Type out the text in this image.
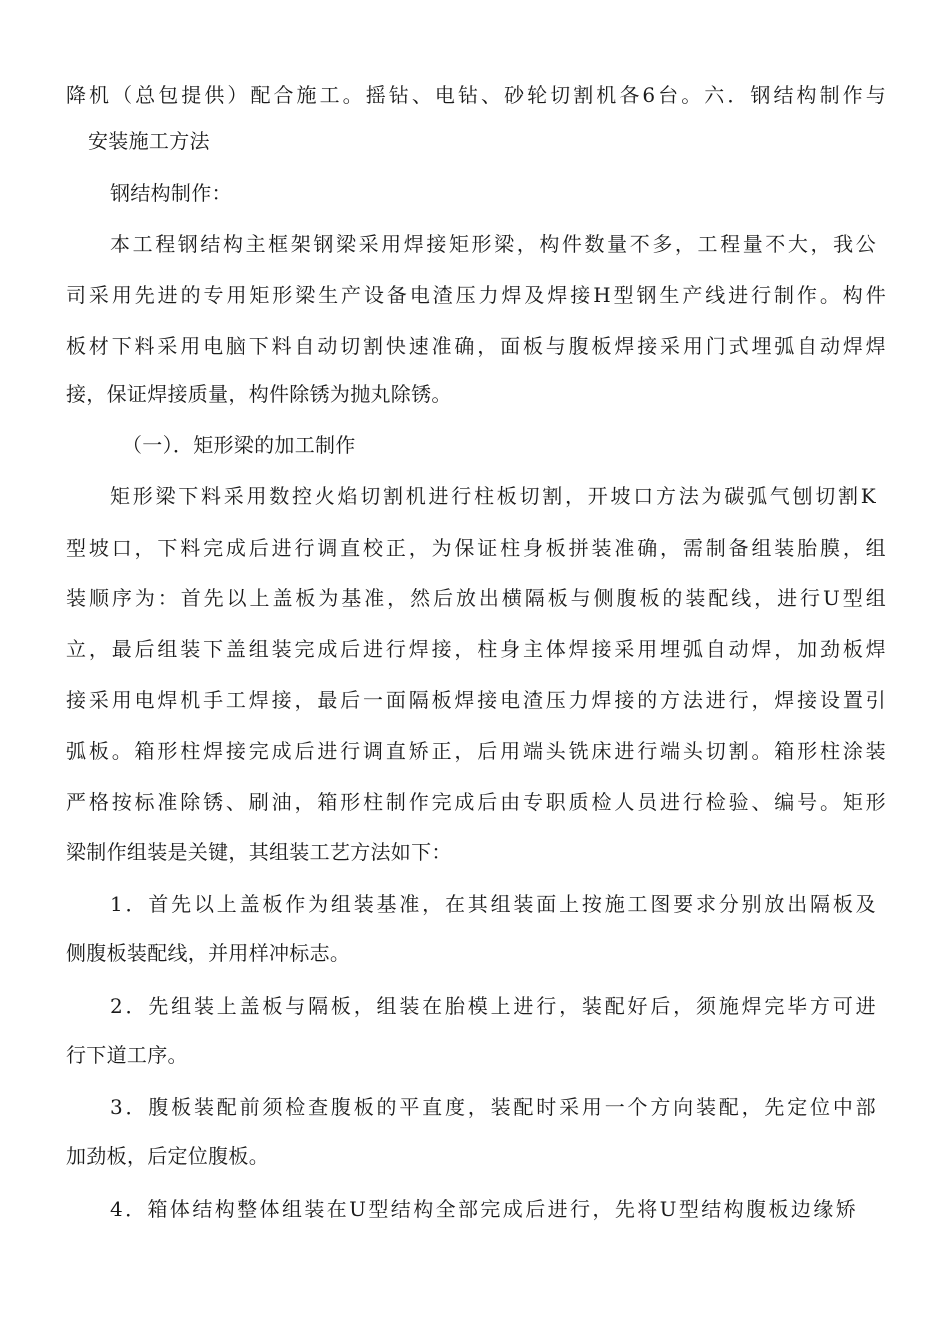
降机（总包提供）配合施工。摇钻、电钻、砂轮切割机各6台。六．钢结构制作与
安装施工方法
钢结构制作：
本工程钢结构主框架钢梁采用焊接矩形梁，构件数量不多，工程量不大，我公
司采用先进的专用矩形梁生产设备电渣压力焊及焊接H型钢生产线进行制作。构件
板材下料采用电脑下料自动切割快速准确，面板与腹板焊接采用门式埋弧自动焊焊
接，保证焊接质量，构件除锈为抛丸除锈。
（一）．矩形梁的加工制作
矩形梁下料采用数控火焰切割机进行柱板切割，开坡口方法为碳弧气刨切割K
型坡口，下料完成后进行调直校正，为保证柱身板拼装准确，需制备组装胎膜，组
装顺序为：首先以上盖板为基准，然后放出横隔板与侧腹板的装配线，进行U型组
立，最后组装下盖组装完成后进行焊接，柱身主体焊接采用埋弧自动焊，加劲板焊
接采用电焊机手工焊接，最后一面隔板焊接电渣压力焊接的方法进行，焊接设置引
弧板。箱形柱焊接完成后进行调直矫正，后用端头铣床进行端头切割。箱形柱涂装
严格按标准除锈、刷油，箱形柱制作完成后由专职质检人员进行检验、编号。矩形
梁制作组装是关键，其组装工艺方法如下：
1．首先以上盖板作为组装基准，在其组装面上按施工图要求分别放出隔板及
侧腹板装配线，并用样冲标志。
2．先组装上盖板与隔板，组装在胎模上进行，装配好后，须施焊完毕方可进
行下道工序。
3．腹板装配前须检查腹板的平直度，装配时采用一个方向装配，先定位中部
加劲板，后定位腹板。
4．箱体结构整体组装在U型结构全部完成后进行，先将U型结构腹板边缘矫
